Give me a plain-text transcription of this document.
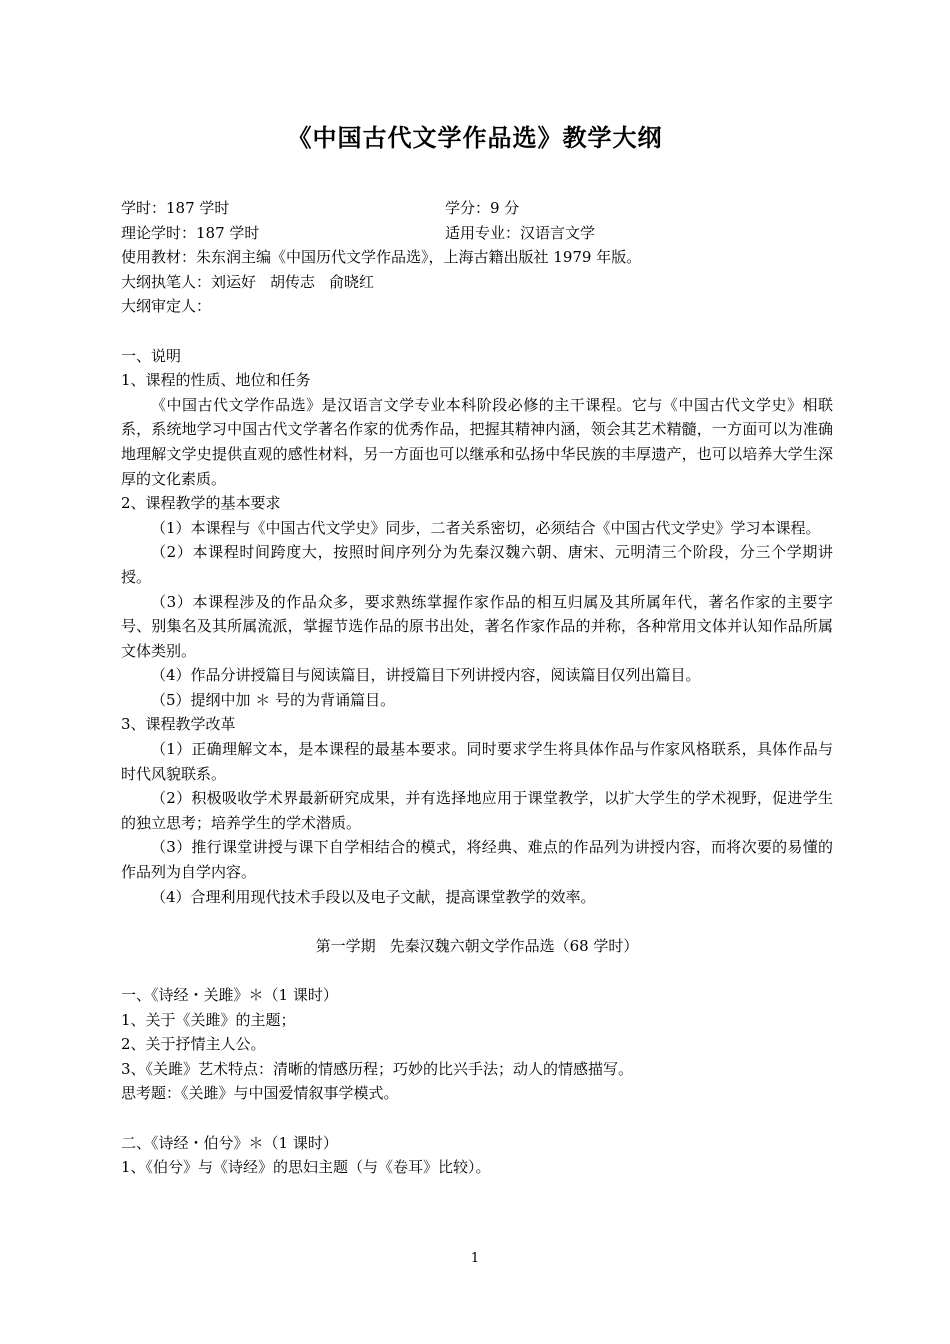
《中国古代文学作品选》教学大纲
学时：187 学时	学分：9 分
理论学时：187 学时	适用专业：汉语言文学
使用教材：朱东润主编《中国历代文学作品选》，上海古籍出版社 1979 年版。
大纲执笔人：刘运好 胡传志 俞晓红
大纲审定人：
一、说明
1、课程的性质、地位和任务
《中国古代文学作品选》是汉语言文学专业本科阶段必修的主干课程。它与《中国古代文学史》相联系，系统地学习中国古代文学著名作家的优秀作品，把握其精神内涵，领会其艺术精髓，一方面可以为准确地理解文学史提供直观的感性材料，另一方面也可以继承和弘扬中华民族的丰厚遗产，也可以培养大学生深厚的文化素质。
2、课程教学的基本要求
（1）本课程与《中国古代文学史》同步，二者关系密切，必须结合《中国古代文学史》学习本课程。
（2）本课程时间跨度大，按照时间序列分为先秦汉魏六朝、唐宋、元明清三个阶段，分三个学期讲授。
（3）本课程涉及的作品众多，要求熟练掌握作家作品的相互归属及其所属年代，著名作家的主要字号、别集名及其所属流派，掌握节选作品的原书出处，著名作家作品的并称，各种常用文体并认知作品所属文体类别。
（4）作品分讲授篇目与阅读篇目，讲授篇目下列讲授内容，阅读篇目仅列出篇目。
（5）提纲中加 ＊ 号的为背诵篇目。
3、课程教学改革
（1）正确理解文本，是本课程的最基本要求。同时要求学生将具体作品与作家风格联系，具体作品与时代风貌联系。
（2）积极吸收学术界最新研究成果，并有选择地应用于课堂教学，以扩大学生的学术视野，促进学生的独立思考；培养学生的学术潜质。
（3）推行课堂讲授与课下自学相结合的模式，将经典、难点的作品列为讲授内容，而将次要的易懂的作品列为自学内容。
（4）合理利用现代技术手段以及电子文献，提高课堂教学的效率。
第一学期 先秦汉魏六朝文学作品选（68 学时）
一、《诗经・关雎》＊（1 课时）
1、关于《关雎》的主题；
2、关于抒情主人公。
3、《关雎》艺术特点：清晰的情感历程；巧妙的比兴手法；动人的情感描写。
思考题：《关雎》与中国爱情叙事学模式。
二、《诗经・伯兮》＊（1 课时）
1、《伯兮》与《诗经》的思妇主题（与《卷耳》比较）。
1
